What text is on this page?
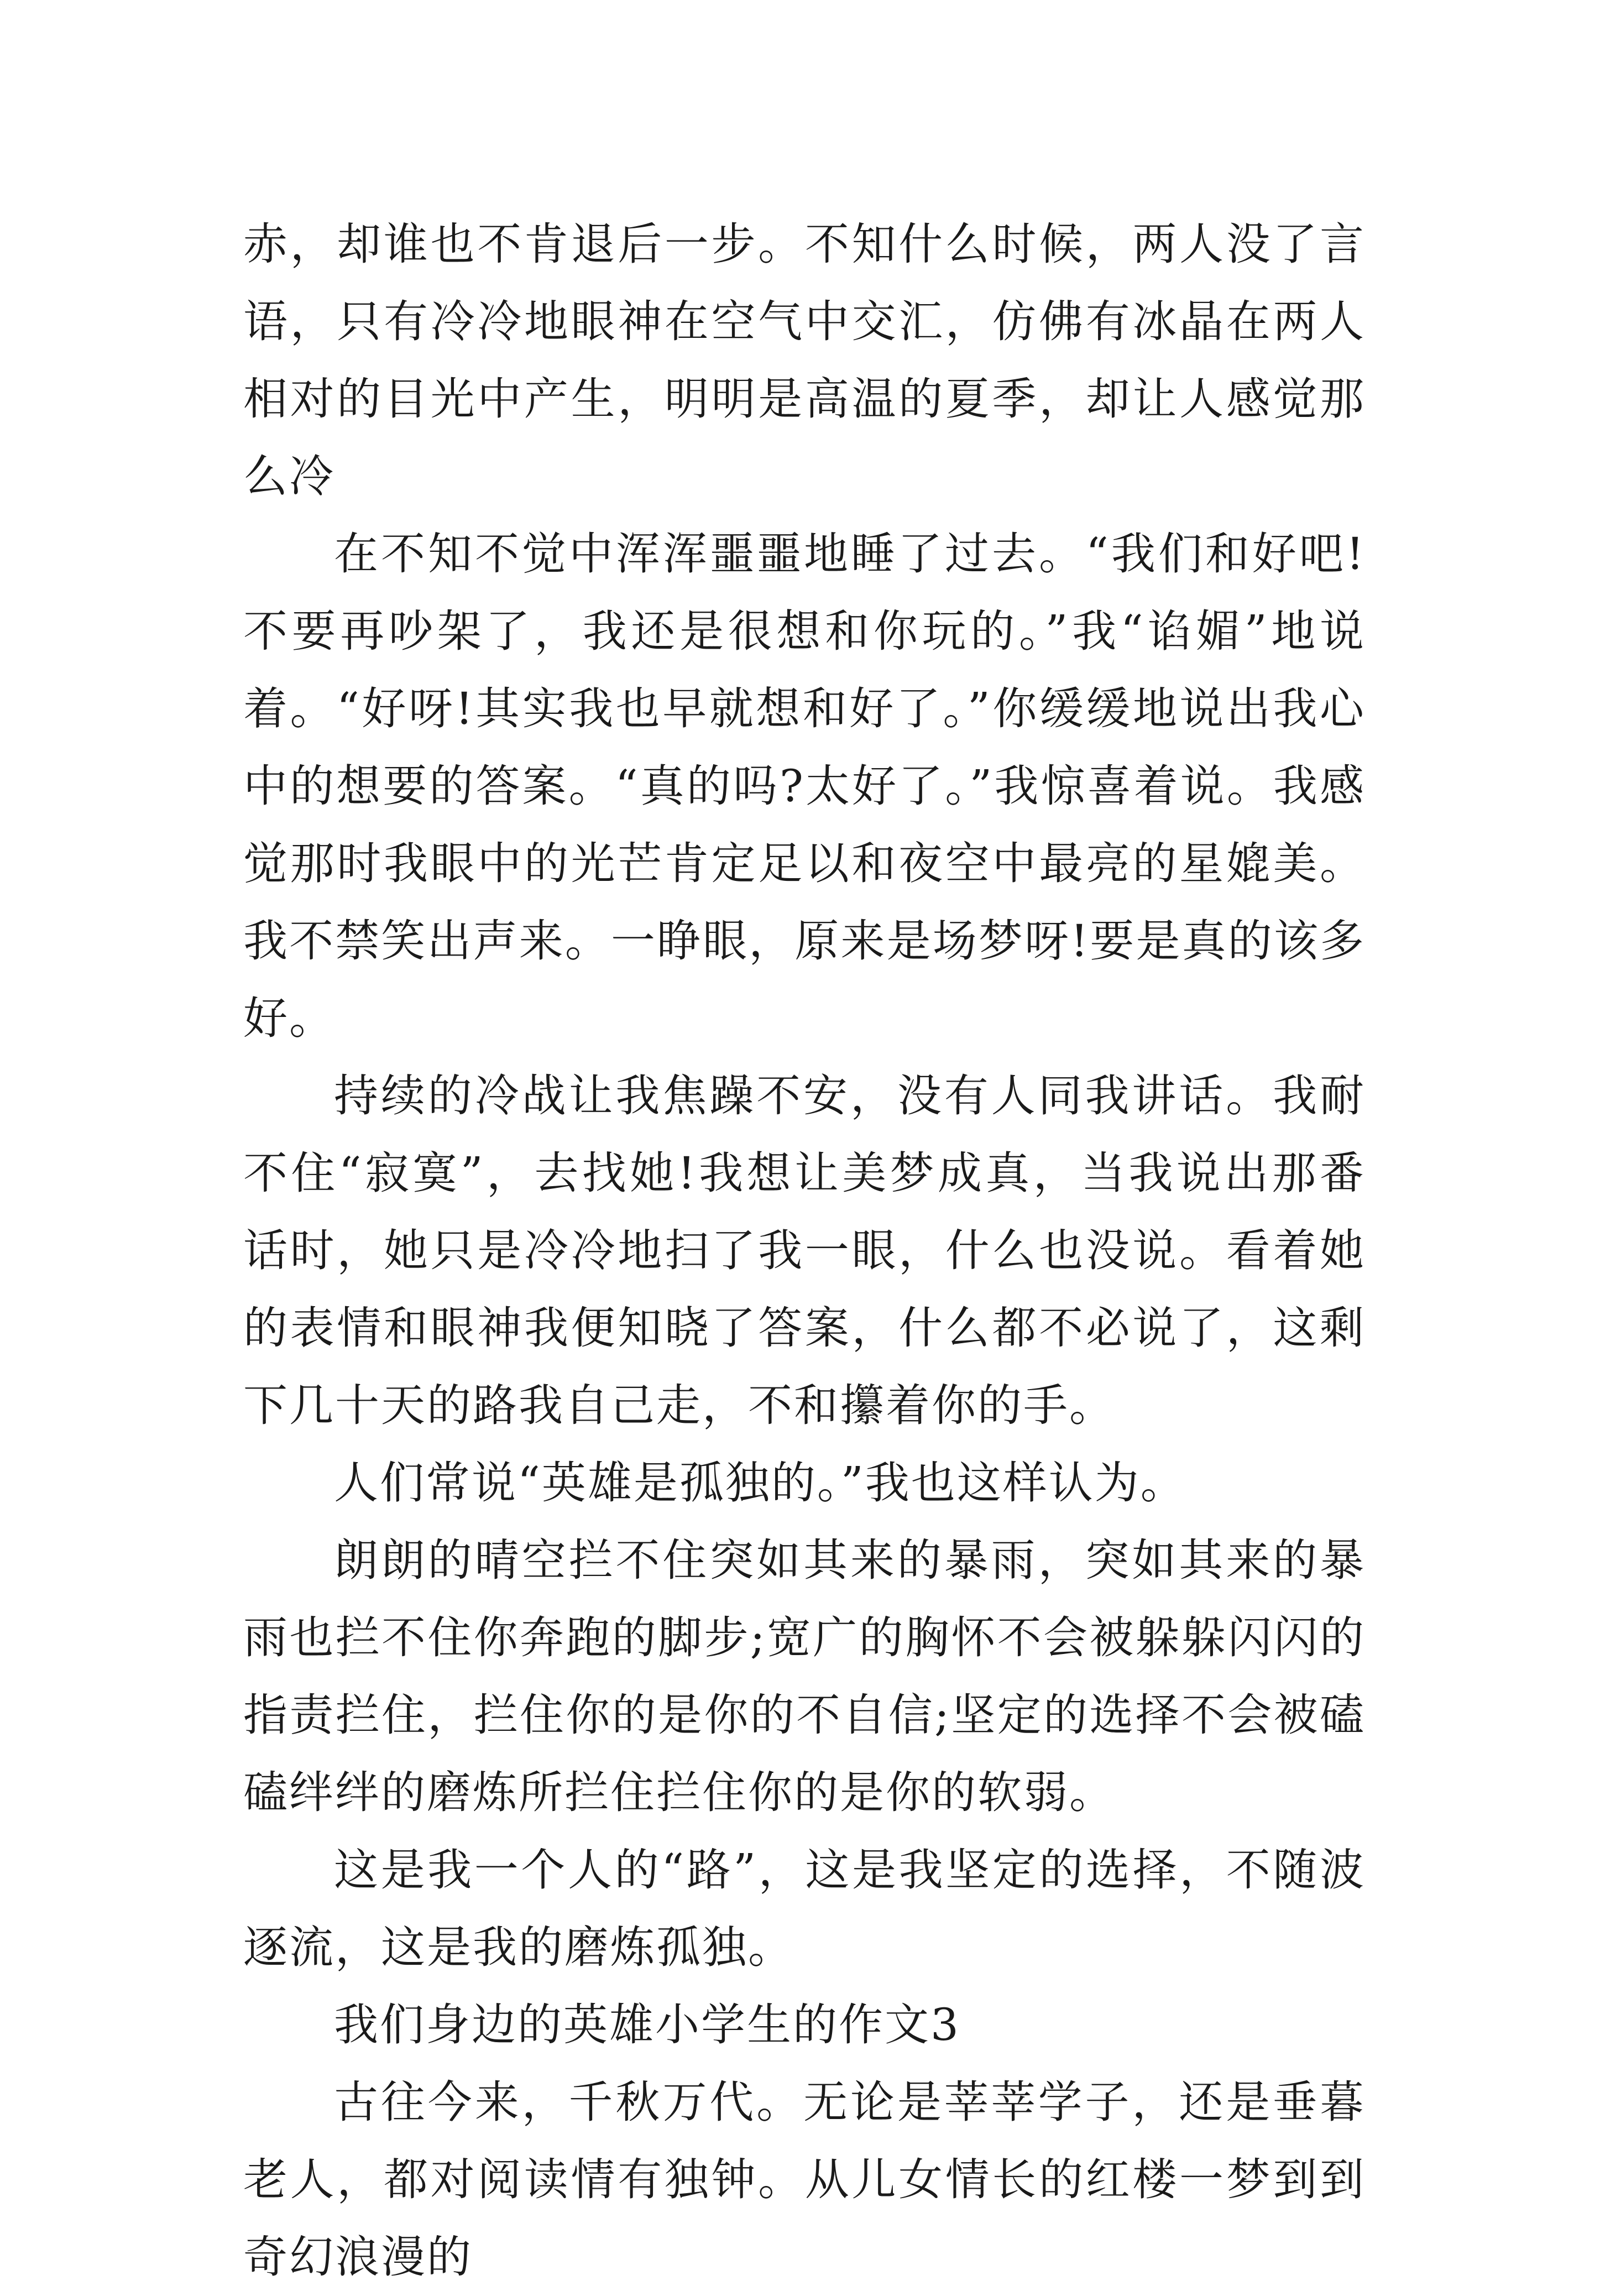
赤，却谁也不肯退后一步。不知什么时候，两人没了言语，只有冷冷地眼神在空气中交汇，仿佛有冰晶在两人相对的目光中产生，明明是高温的夏季，却让人感觉那么冷

在不知不觉中浑浑噩噩地睡了过去。“我们和好吧!不要再吵架了，我还是很想和你玩的。”我“谄媚”地说着。“好呀!其实我也早就想和好了。”你缓缓地说出我心中的想要的答案。“真的吗?太好了。”我惊喜着说。我感觉那时我眼中的光芒肯定足以和夜空中最亮的星媲美。我不禁笑出声来。一睁眼，原来是场梦呀!要是真的该多好。

持续的冷战让我焦躁不安，没有人同我讲话。我耐不住“寂寞”，去找她!我想让美梦成真，当我说出那番话时，她只是冷冷地扫了我一眼，什么也没说。看着她的表情和眼神我便知晓了答案，什么都不必说了，这剩下几十天的路我自己走，不和攥着你的手。

人们常说“英雄是孤独的。”我也这样认为。

朗朗的晴空拦不住突如其来的暴雨，突如其来的暴雨也拦不住你奔跑的脚步;宽广的胸怀不会被躲躲闪闪的指责拦住，拦住你的是你的不自信;坚定的选择不会被磕磕绊绊的磨炼所拦住拦住你的是你的软弱。

这是我一个人的“路”，这是我坚定的选择，不随波逐流，这是我的磨炼孤独。

我们身边的英雄小学生的作文3

古往今来，千秋万代。无论是莘莘学子，还是垂暮老人，都对阅读情有独钟。从儿女情长的红楼一梦到到奇幻浪漫的
